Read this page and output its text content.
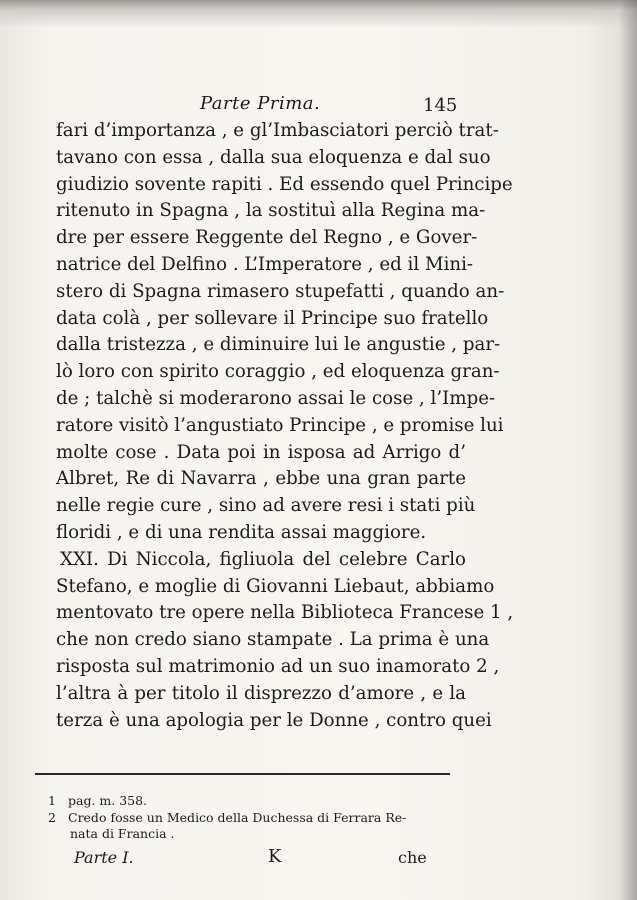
Parte Prima.	145
fari d’importanza , e gl’Imbasciatori perciò trat-
tavano con essa , dalla sua eloquenza e dal suo
giudizio sovente rapiti . Ed essendo quel Principe
ritenuto in Spagna , la sostituì alla Regina ma-
dre per essere Reggente del Regno , e Gover-
natrice del Delfino . L’Imperatore , ed il Mini-
stero di Spagna rimasero stupefatti , quando an-
data colà , per sollevare il Principe suo fratello
dalla tristezza , e diminuire lui le angustie , par-
lò loro con spirito coraggio , ed eloquenza gran-
de ; talchè si moderarono assai le cose , l’Impe-
ratore visitò l’angustiato Principe , e promise lui
molte cose . Data poi in isposa ad Arrigo d’
Albret, Re di Navarra , ebbe una gran parte
nelle regie cure , sino ad avere resi i stati più
floridi , e di una rendita assai maggiore.
XXI. Di Niccola, figliuola del celebre Carlo
Stefano, e moglie di Giovanni Liebaut, abbiamo
mentovato tre opere nella Biblioteca Francese 1 ,
che non credo siano stampate . La prima è una
risposta sul matrimonio ad un suo inamorato 2 ,
l’altra à per titolo il disprezzo d’amore , e la
terza è una apologia per le Donne , contro quei
1 pag. m. 358.
2 Credo fosse un Medico della Duchessa di Ferrara Re-
nata di Francia .
Parte I.	K	che
